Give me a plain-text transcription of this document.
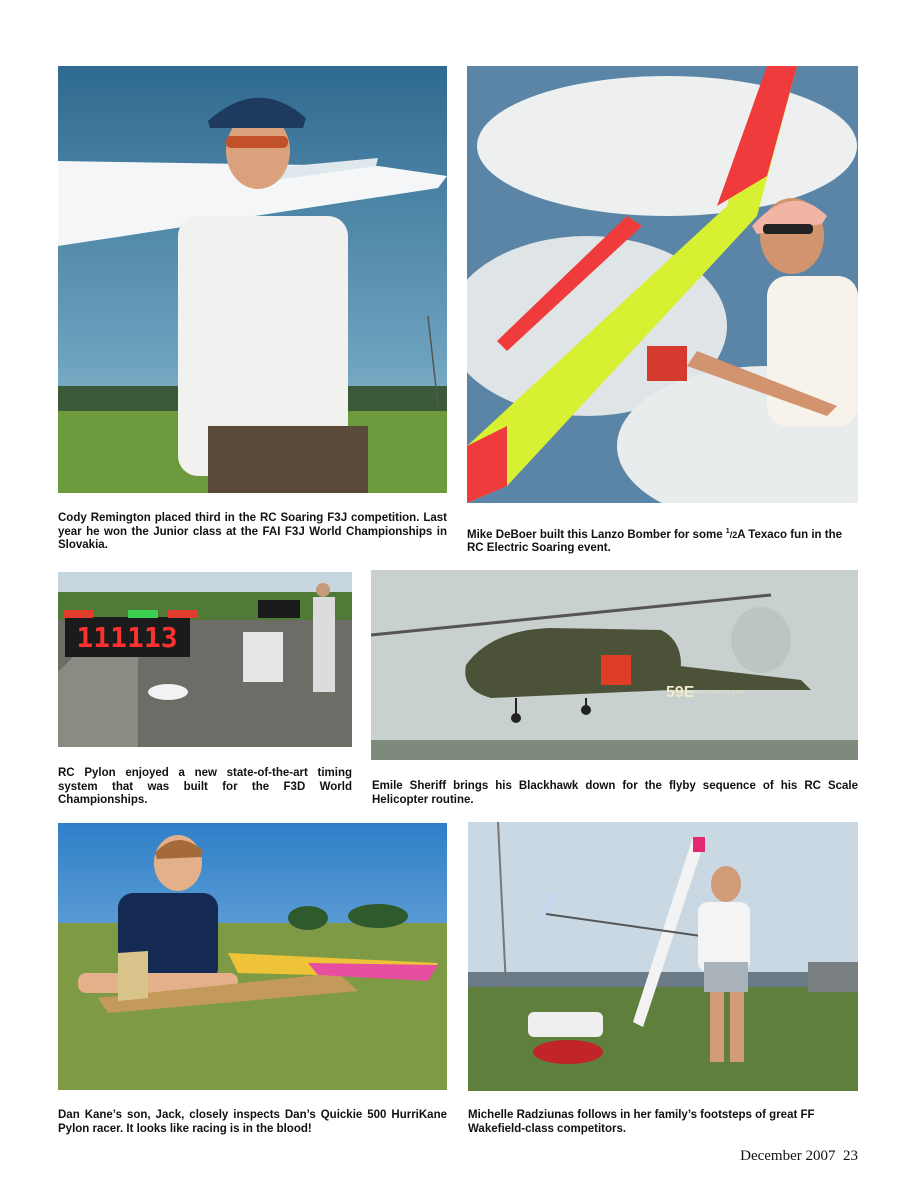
Cody Remington placed third in the RC Soaring F3J competition. Last year he won the Junior class at the FAI F3J World Championships in Slovakia.
Mike DeBoer built this Lanzo Bomber for some $^1$/2A Texaco fun in the RC Electric Soaring event.
111113
59E
UNITED STATES ARMY
RC Pylon enjoyed a new state-of-the-art timing system that was built for the F3D World Championships.
Emile Sheriff brings his Blackhawk down for the flyby sequence of his RC Scale Helicopter routine.
Dan Kane’s son, Jack, closely inspects Dan’s Quickie 500 HurriKane Pylon racer. It looks like racing is in the blood!
Michelle Radziunas follows in her family’s footsteps of great FF Wakefield-class competitors.
December 2007 23
